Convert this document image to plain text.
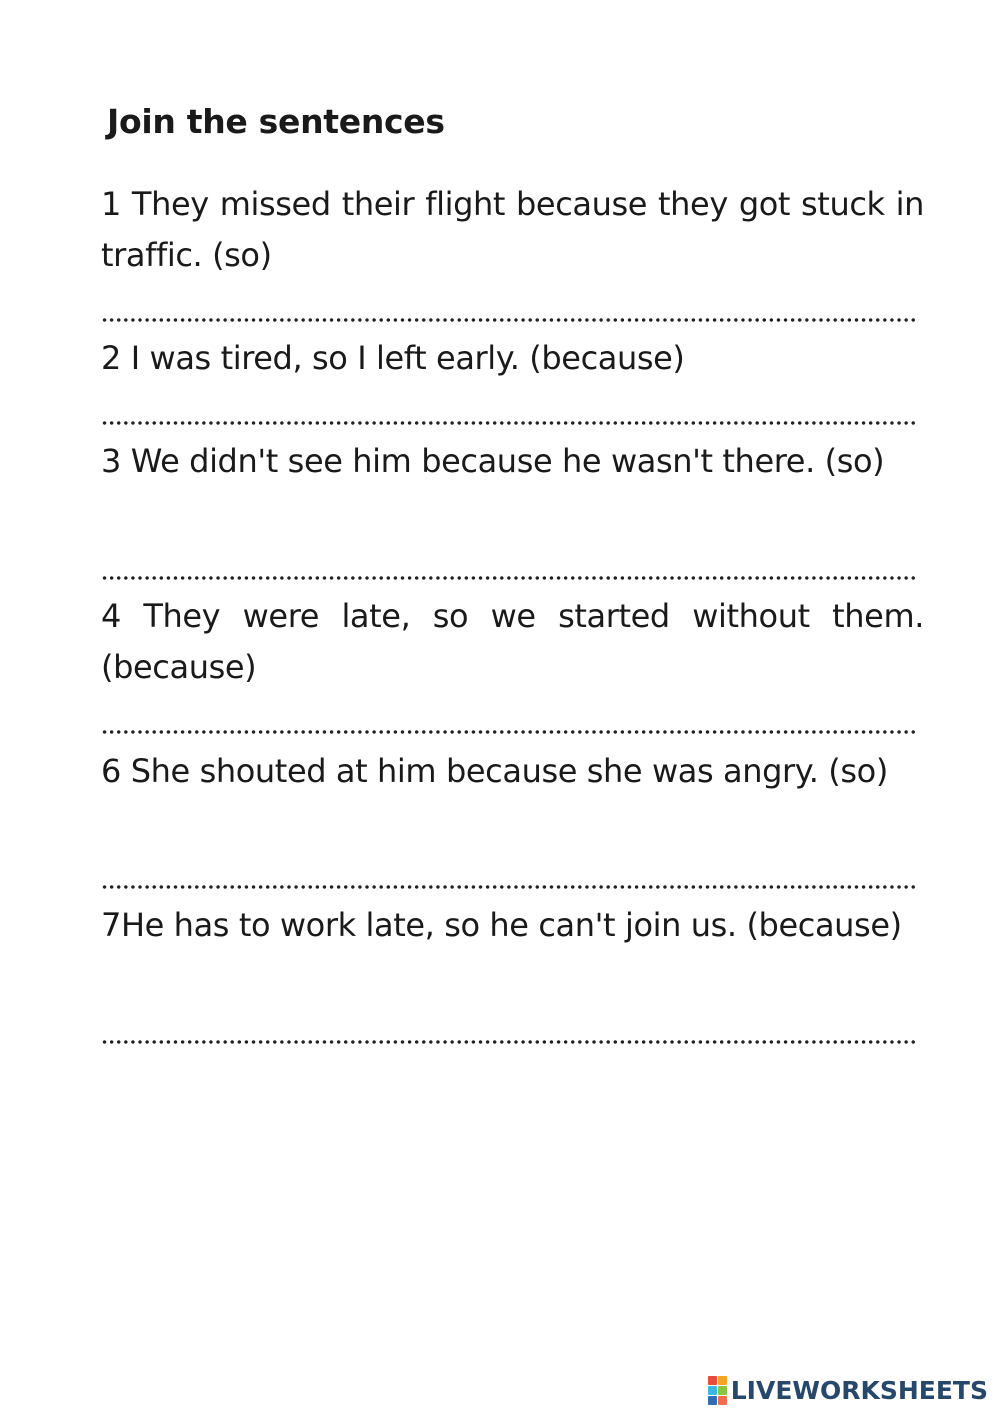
Join the sentences

1 They missed their flight because they got stuck in traffic. (so)

2 I was tired, so I left early. (because)

3 We didn't see him because he wasn't there. (so)

4 They were late, so we started without them. (because)

6 She shouted at him because she was angry. (so)

7He has to work late, so he can't join us. (because)

LIVEWORKSHEETS
